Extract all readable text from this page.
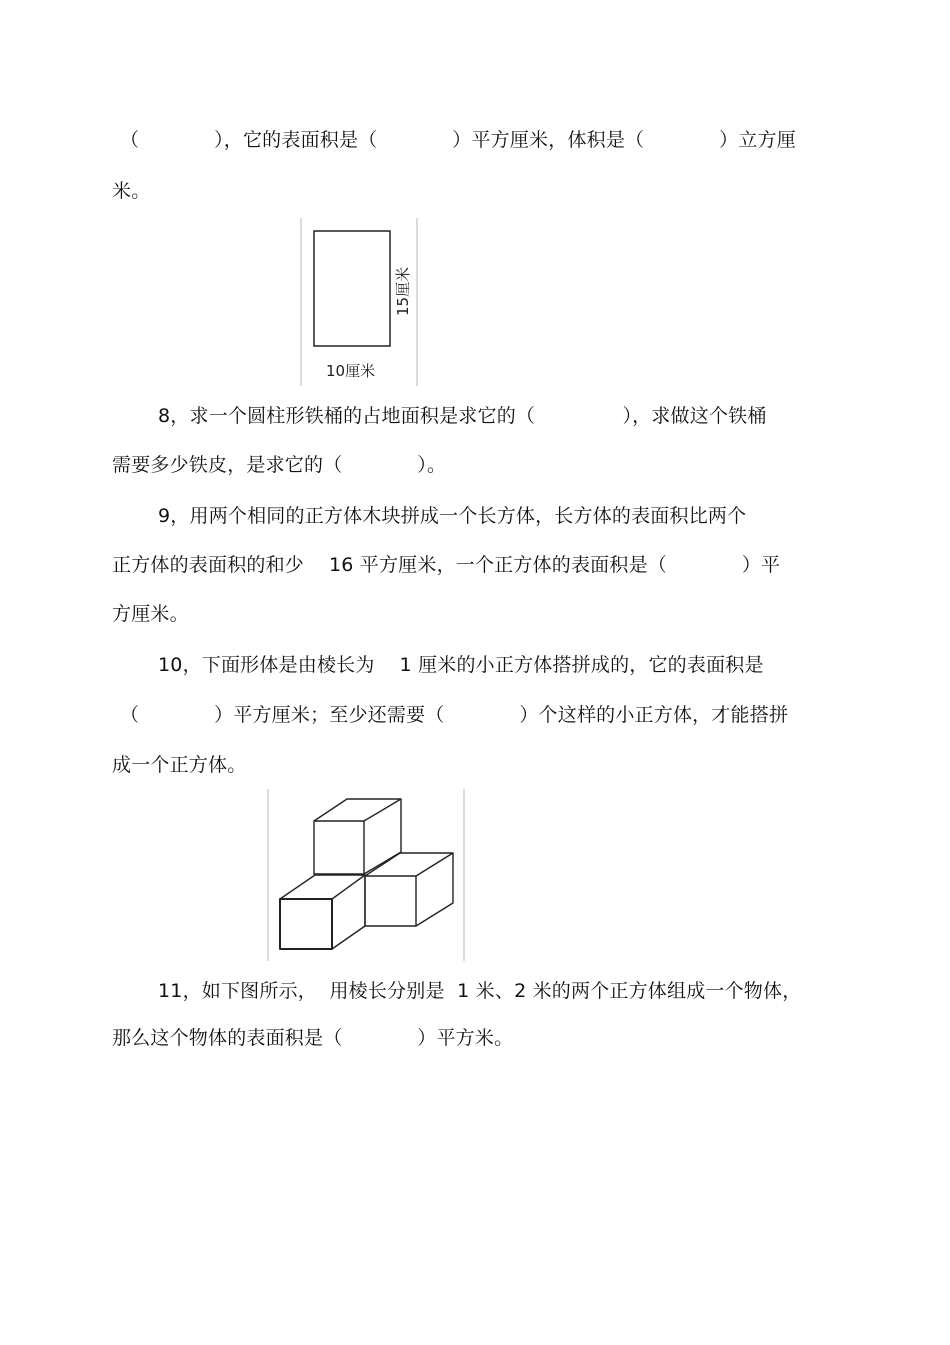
（            ），它的表面积是（            ）平方厘米，体积是（            ）立方厘
米。
10厘米
15厘米
8，求一个圆柱形铁桶的占地面积是求它的（              ），求做这个铁桶
需要多少铁皮，是求它的（            ）。
9，用两个相同的正方体木块拼成一个长方体，长方体的表面积比两个
正方体的表面积的和少    16 平方厘米，一个正方体的表面积是（            ）平
方厘米。
10，下面形体是由棱长为    1 厘米的小正方体搭拼成的，它的表面积是
（            ）平方厘米；至少还需要（            ）个这样的小正方体，才能搭拼
成一个正方体。
11，如下图所示，  用棱长分别是  1 米、2 米的两个正方体组成一个物体，
那么这个物体的表面积是（            ）平方米。
